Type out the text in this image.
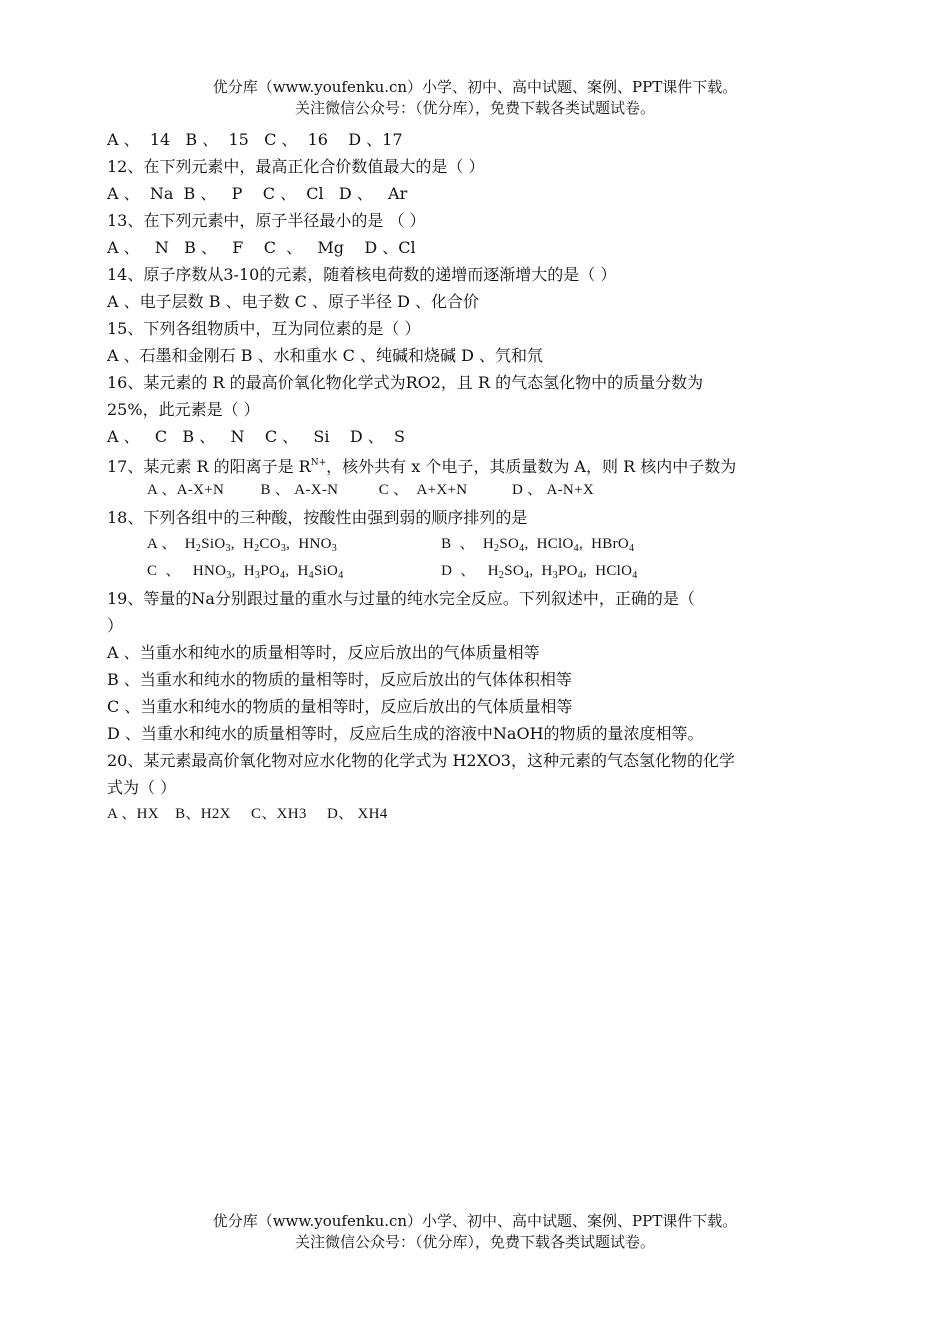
优分库（www.youfenku.cn）小学、初中、高中试题、案例、PPT课件下载。
关注微信公众号：（优分库），免费下载各类试题试卷。
A 、  14   B 、  15   C 、  16    D 、17
12、在下列元素中，最高正化合价数值最大的是（ ）
A 、  Na  B 、   P    C 、  Cl   D 、   Ar
13、在下列元素中，原子半径最小的是 （ ）
A 、   N   B 、   F    C  、   Mg    D 、Cl
14、原子序数从3-10的元素，随着核电荷数的递增而逐渐增大的是（ ）
A 、电子层数 B 、电子数 C 、原子半径 D 、化合价
15、下列各组物质中，互为同位素的是（ ）
A 、石墨和金刚石 B 、水和重水 C 、纯碱和烧碱 D 、氕和氘
16、某元素的 R 的最高价氧化物化学式为RO2，且 R 的气态氢化物中的质量分数为
25%，此元素是（ ）
A 、   C   B 、   N    C 、   Si    D 、  S
17、某元素 R 的阳离子是 $R^{N+}$，核外共有 x 个电子，其质量数为 A，则 R 核内中子数为
A 、A-X+N         B 、 A-X-N          C 、  A+X+N           D 、 A-N+X
18、下列各组中的三种酸，按酸性由强到弱的顺序排列的是
A 、  $H_2SiO_3$,  $H_2CO_3$,  $HNO_3$	B  、  $H_2SO_4$,  HClO$_4$,  HBrO$_4$
C  、   $HNO_3$,  $H_3PO_4$,  $H_4SiO_4$	D  、   $H_2SO_4$,  $H_3PO_4$,  HClO$_4$
19、等量的Na分别跟过量的重水与过量的纯水完全反应。下列叙述中，正确的是（
）
A 、当重水和纯水的质量相等时，反应后放出的气体质量相等
B 、当重水和纯水的物质的量相等时，反应后放出的气体体积相等
C 、当重水和纯水的物质的量相等时，反应后放出的气体质量相等
D 、当重水和纯水的质量相等时，反应后生成的溶液中NaOH的物质的量浓度相等。
20、某元素最高价氧化物对应水化物的化学式为 H2XO3，这种元素的气态氢化物的化学
式为（ ）
A 、HX    B、H2X     C、XH3     D、 XH4
优分库（www.youfenku.cn）小学、初中、高中试题、案例、PPT课件下载。
关注微信公众号：（优分库），免费下载各类试题试卷。
